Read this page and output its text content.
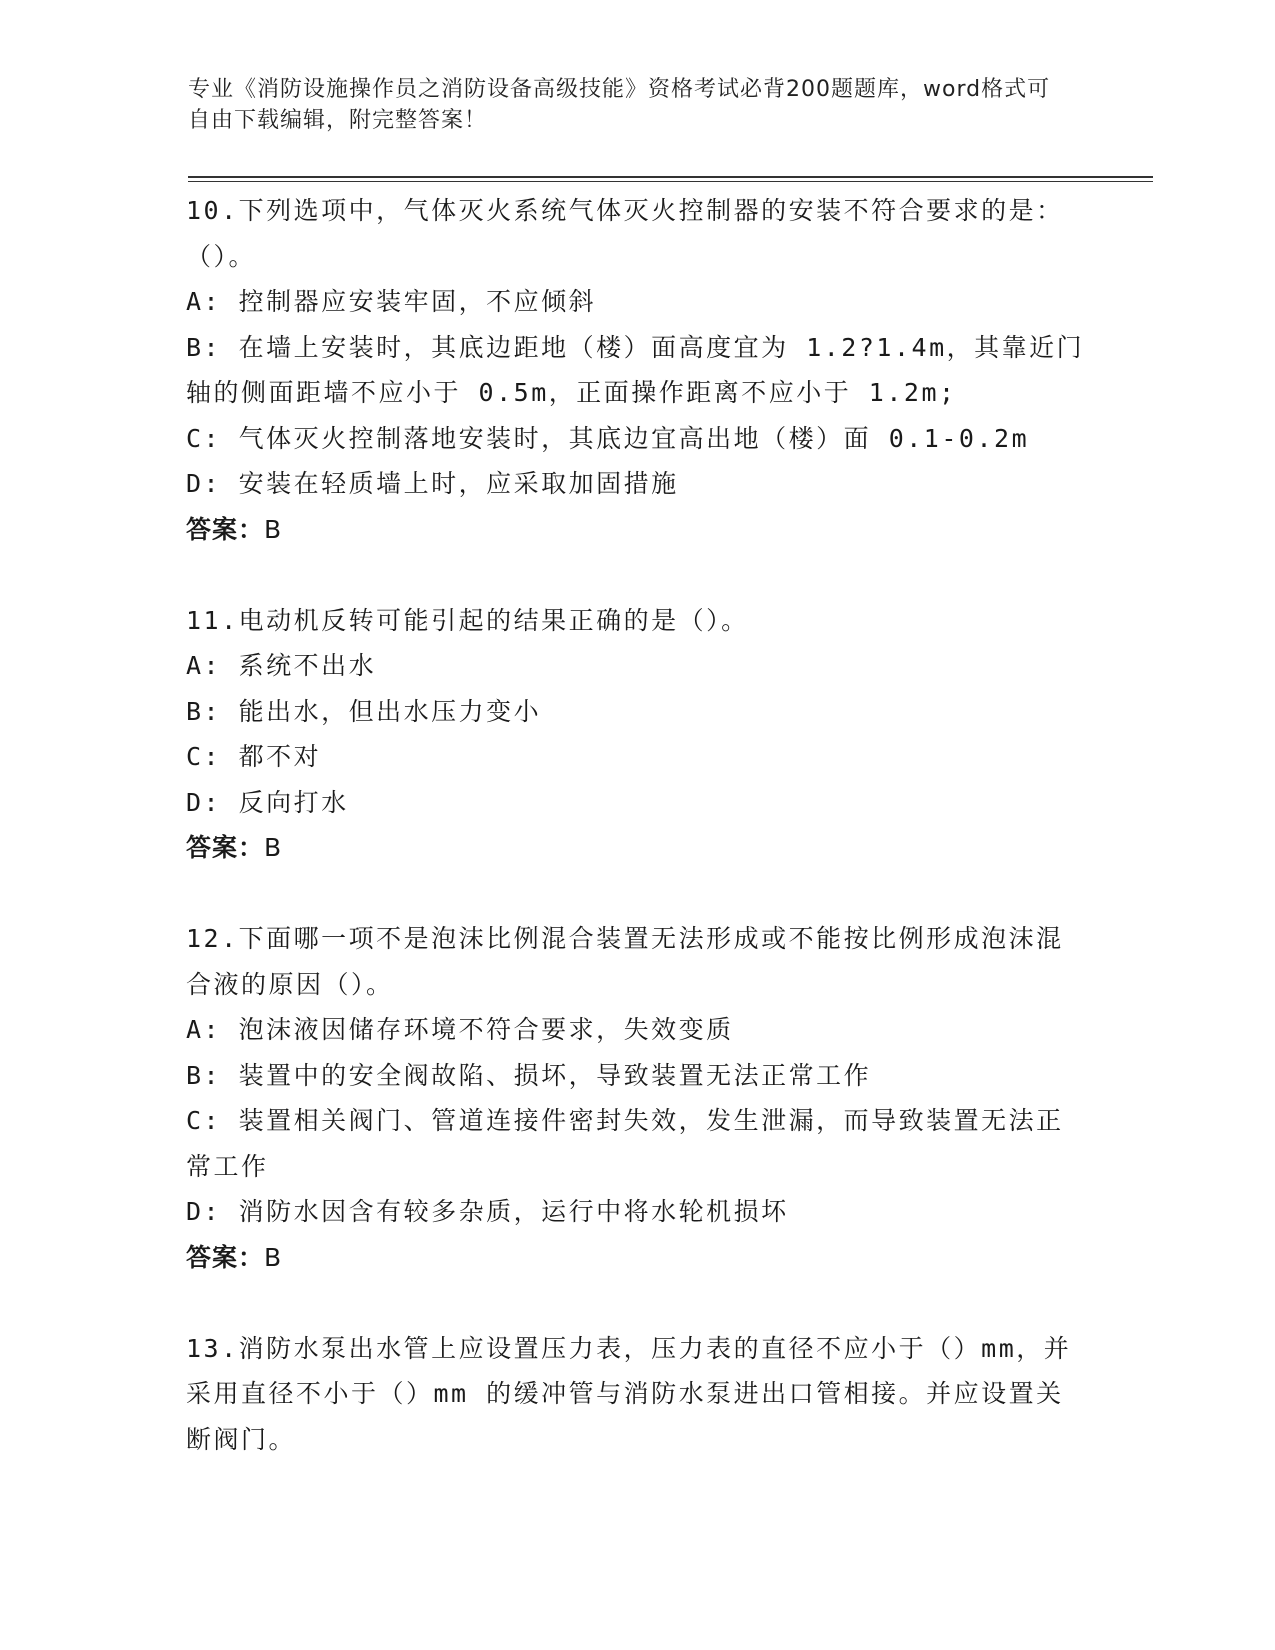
专业《消防设施操作员之消防设备高级技能》资格考试必背200题题库，word格式可自由下载编辑，附完整答案！
10.下列选项中，气体灭火系统气体灭火控制器的安装不符合要求的是：（）。
A: 控制器应安装牢固，不应倾斜
B: 在墙上安装时，其底边距地（楼）面高度宜为 1.2?1.4m，其靠近门轴的侧面距墙不应小于 0.5m，正面操作距离不应小于 1.2m;
C: 气体灭火控制落地安装时，其底边宜高出地（楼）面 0.1-0.2m
D: 安装在轻质墙上时，应采取加固措施
答案：B
11.电动机反转可能引起的结果正确的是（）。
A: 系统不出水
B: 能出水，但出水压力变小
C: 都不对
D: 反向打水
答案：B
12.下面哪一项不是泡沫比例混合装置无法形成或不能按比例形成泡沫混合液的原因（）。
A: 泡沫液因储存环境不符合要求，失效变质
B: 装置中的安全阀故陷、损坏，导致装置无法正常工作
C: 装置相关阀门、管道连接件密封失效，发生泄漏，而导致装置无法正常工作
D: 消防水因含有较多杂质，运行中将水轮机损坏
答案：B
13.消防水泵出水管上应设置压力表，压力表的直径不应小于（）mm，并采用直径不小于（）mm 的缓冲管与消防水泵进出口管相接。并应设置关断阀门。
